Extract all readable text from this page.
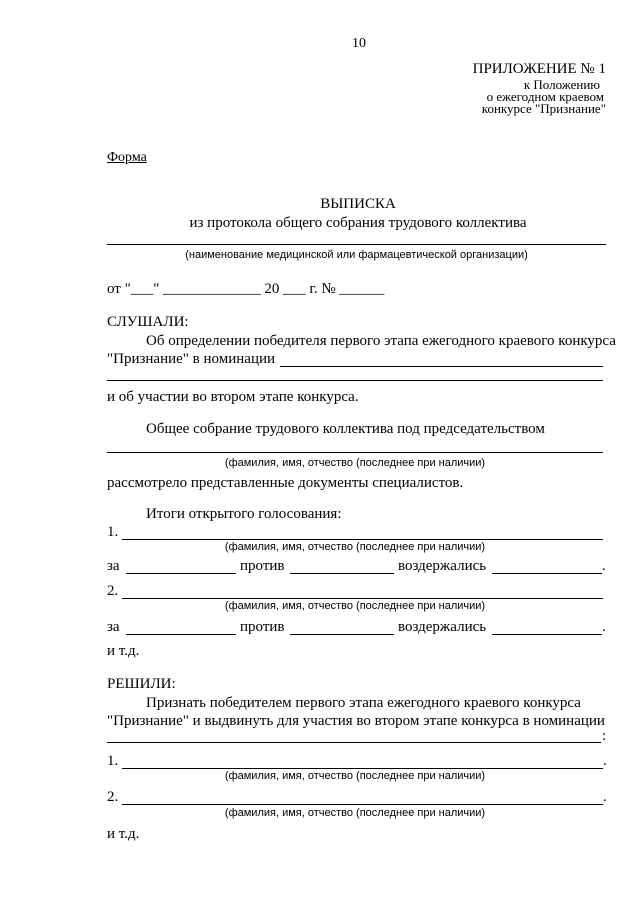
10
ПРИЛОЖЕНИЕ № 1
к Положению
о ежегодном краевом
конкурсе "Признание"
Форма
ВЫПИСКА
из протокола общего собрания трудового коллектива
(наименование медицинской или фармацевтической организации)
от "___" _____________ 20 ___ г. № ______
СЛУШАЛИ:
Об определении победителя первого этапа ежегодного краевого конкурса
"Признание" в номинации
и об участии во втором этапе конкурса.
Общее собрание трудового коллектива под председательством
(фамилия, имя, отчество (последнее при наличии)
рассмотрело представленные документы специалистов.
Итоги открытого голосования:
1.
(фамилия, имя, отчество (последнее при наличии)
за	против	воздержались	.
2.
(фамилия, имя, отчество (последнее при наличии)
за	против	воздержались	.
и т.д.
РЕШИЛИ:
Признать победителем первого этапа ежегодного краевого конкурса
"Признание" и выдвинуть для участия во втором этапе конкурса в номинации
:
1.	.
(фамилия, имя, отчество (последнее при наличии)
2.	.
(фамилия, имя, отчество (последнее при наличии)
и т.д.
